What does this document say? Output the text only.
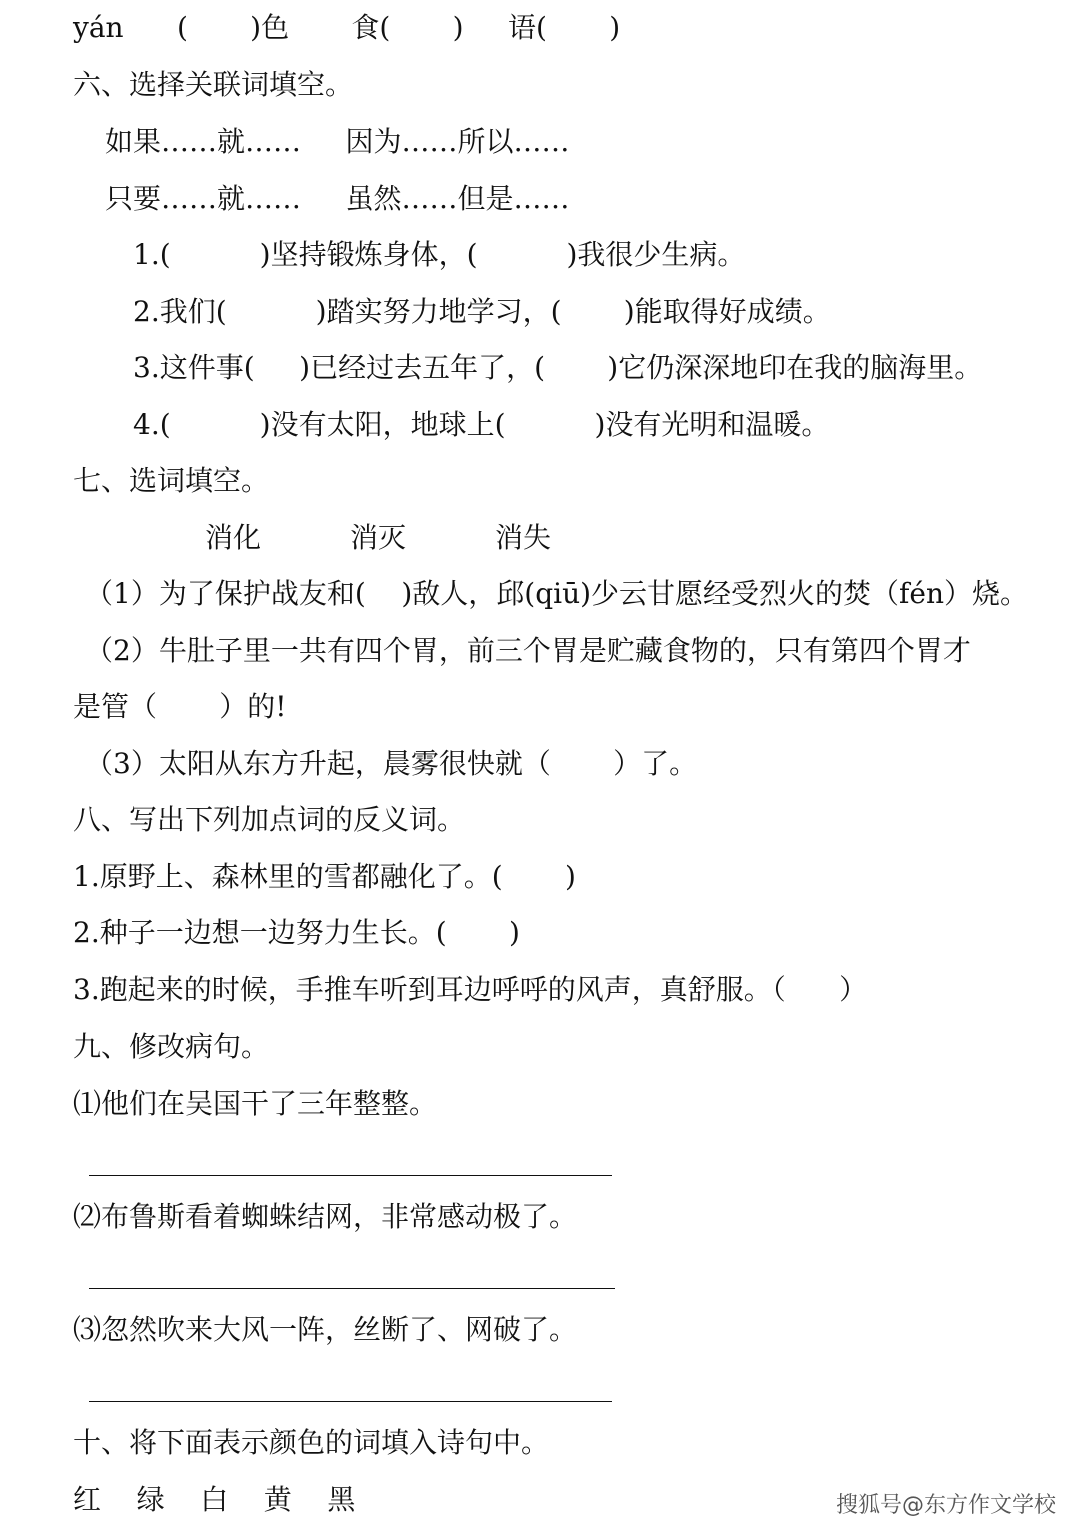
yán      (       )色       食(       )     语(       )
六、选择关联词填空。
如果……就……     因为……所以……
只要……就……     虽然……但是……
1.(          )坚持锻炼身体，(          )我很少生病。
2.我们(          )踏实努力地学习，(       )能取得好成绩。
3.这件事(     )已经过去五年了，(       )它仍深深地印在我的脑海里。
4.(          )没有太阳，地球上(          )没有光明和温暖。
七、选词填空。
消化          消灭          消失
（1）为了保护战友和(    )敌人，邱(qiū)少云甘愿经受烈火的焚（fén）烧。
（2）牛肚子里一共有四个胃，前三个胃是贮藏食物的，只有第四个胃才
是管（       ）的!
（3）太阳从东方升起，晨雾很快就（       ）了。
八、写出下列加点词的反义词。
1.原野上、森林里的雪都融化了。(       )
2.种子一边想一边努力生长。(       )
3.跑起来的时候，手推车听到耳边呼呼的风声，真舒服。（      ）
九、修改病句。
⑴他们在吴国干了三年整整。
⑵布鲁斯看着蜘蛛结网，非常感动极了。
⑶忽然吹来大风一阵，丝断了、网破了。
十、将下面表示颜色的词填入诗句中。
红    绿    白    黄    黑	搜狐号@东方作文学校
